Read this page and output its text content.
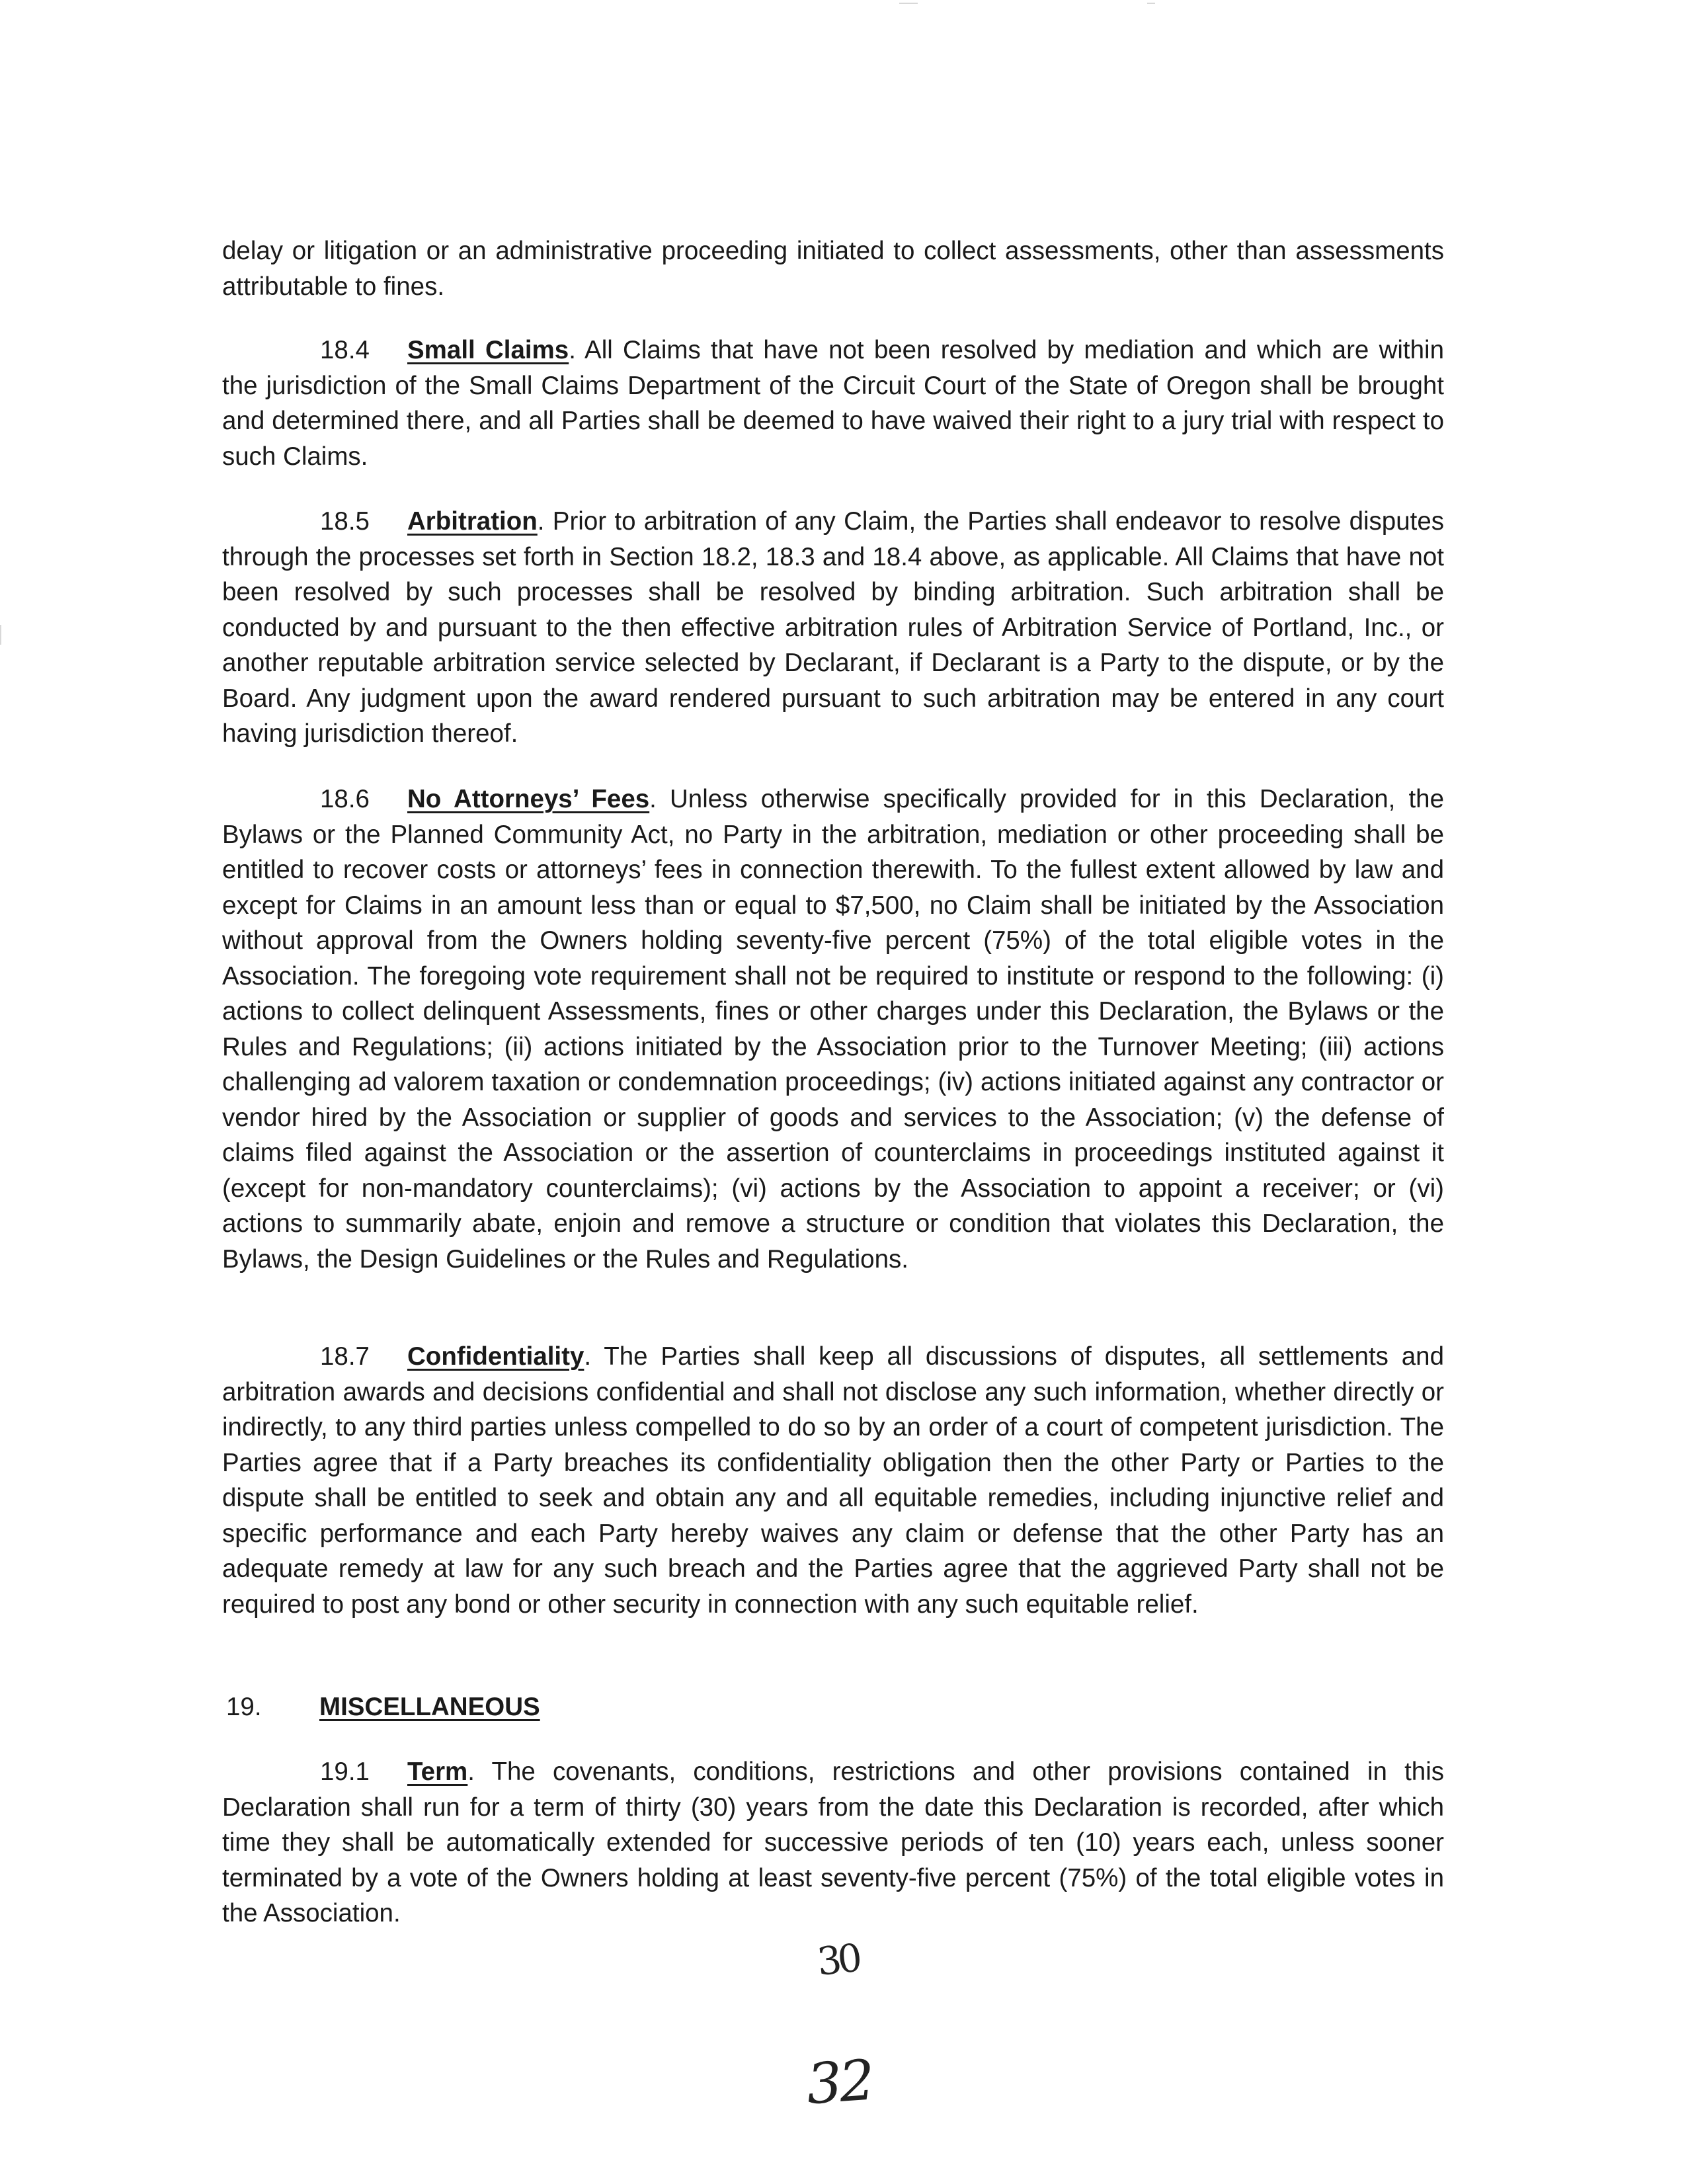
delay or litigation or an administrative proceeding initiated to collect assessments, other than assessments attributable to fines.

18.4 Small Claims. All Claims that have not been resolved by mediation and which are within the jurisdiction of the Small Claims Department of the Circuit Court of the State of Oregon shall be brought and determined there, and all Parties shall be deemed to have waived their right to a jury trial with respect to such Claims.

18.5 Arbitration. Prior to arbitration of any Claim, the Parties shall endeavor to resolve disputes through the processes set forth in Section 18.2, 18.3 and 18.4 above, as applicable. All Claims that have not been resolved by such processes shall be resolved by binding arbitration. Such arbitration shall be conducted by and pursuant to the then effective arbitration rules of Arbitration Service of Portland, Inc., or another reputable arbitration service selected by Declarant, if Declarant is a Party to the dispute, or by the Board. Any judgment upon the award rendered pursuant to such arbitration may be entered in any court having jurisdiction thereof.

18.6 No Attorneys’ Fees. Unless otherwise specifically provided for in this Declaration, the Bylaws or the Planned Community Act, no Party in the arbitration, mediation or other proceeding shall be entitled to recover costs or attorneys’ fees in connection therewith. To the fullest extent allowed by law and except for Claims in an amount less than or equal to $7,500, no Claim shall be initiated by the Association without approval from the Owners holding seventy-five percent (75%) of the total eligible votes in the Association. The foregoing vote requirement shall not be required to institute or respond to the following: (i) actions to collect delinquent Assessments, fines or other charges under this Declaration, the Bylaws or the Rules and Regulations; (ii) actions initiated by the Association prior to the Turnover Meeting; (iii) actions challenging ad valorem taxation or condemnation proceedings; (iv) actions initiated against any contractor or vendor hired by the Association or supplier of goods and services to the Association; (v) the defense of claims filed against the Association or the assertion of counterclaims in proceedings instituted against it (except for non-mandatory counterclaims); (vi) actions by the Association to appoint a receiver; or (vi) actions to summarily abate, enjoin and remove a structure or condition that violates this Declaration, the Bylaws, the Design Guidelines or the Rules and Regulations.

18.7 Confidentiality. The Parties shall keep all discussions of disputes, all settlements and arbitration awards and decisions confidential and shall not disclose any such information, whether directly or indirectly, to any third parties unless compelled to do so by an order of a court of competent jurisdiction. The Parties agree that if a Party breaches its confidentiality obligation then the other Party or Parties to the dispute shall be entitled to seek and obtain any and all equitable remedies, including injunctive relief and specific performance and each Party hereby waives any claim or defense that the other Party has an adequate remedy at law for any such breach and the Parties agree that the aggrieved Party shall not be required to post any bond or other security in connection with any such equitable relief.

19. MISCELLANEOUS

19.1 Term. The covenants, conditions, restrictions and other provisions contained in this Declaration shall run for a term of thirty (30) years from the date this Declaration is recorded, after which time they shall be automatically extended for successive periods of ten (10) years each, unless sooner terminated by a vote of the Owners holding at least seventy-five percent (75%) of the total eligible votes in the Association.

30
32
